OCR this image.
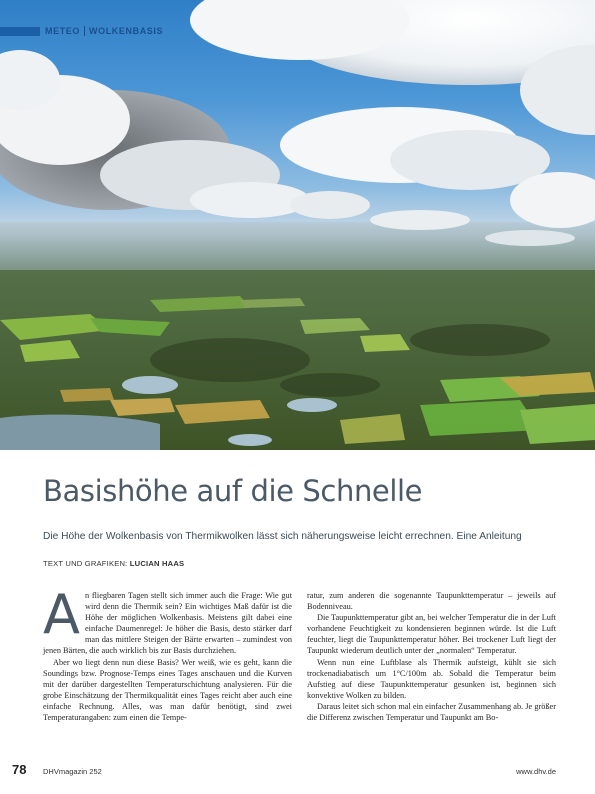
METEO WOLKENBASIS
Basishöhe auf die Schnelle

Die Höhe der Wolkenbasis von Thermikwolken lässt sich näherungsweise leicht errechnen. Eine Anleitung

TEXT UND GRAFIKEN: LUCIAN HAAS

An fliegbaren Tagen stellt sich immer auch die Frage: Wie gut wird denn die Thermik sein? Ein wichtiges Maß dafür ist die Höhe der möglichen Wolkenbasis. Meistens gilt dabei eine einfache Daumenregel: Je höher die Basis, desto stärker darf man das mittlere Steigen der Bärte erwarten – zumindest von jenen Bärten, die auch wirklich bis zur Basis durchziehen.

Aber wo liegt denn nun diese Basis? Wer weiß, wie es geht, kann die Soundings bzw. Prognose-Temps eines Tages anschauen und die Kurven mit der darüber dargestellten Temperaturschichtung analysieren. Für die grobe Einschätzung der Thermikqualität eines Tages reicht aber auch eine einfache Rechnung. Alles, was man dafür benötigt, sind zwei Temperaturangaben: zum einen die Tempe-

ratur, zum anderen die sogenannte Taupunkttemperatur – jeweils auf Bodenniveau.

Die Taupunkttemperatur gibt an, bei welcher Temperatur die in der Luft vorhandene Feuchtigkeit zu kondensieren beginnen würde. Ist die Luft feuchter, liegt die Taupunkttemperatur höher. Bei trockener Luft liegt der Taupunkt wiederum deutlich unter der „normalen“ Temperatur.

Wenn nun eine Luftblase als Thermik aufsteigt, kühlt sie sich trockenadiabatisch um 1°C/100m ab. Sobald die Temperatur beim Aufstieg auf diese Taupunkttemperatur gesunken ist, beginnen sich konvektive Wolken zu bilden.

Daraus leitet sich schon mal ein einfacher Zusammenhang ab. Je größer die Differenz zwischen Temperatur und Taupunkt am Bo-

78 DHVmagazin 252	www.dhv.de
